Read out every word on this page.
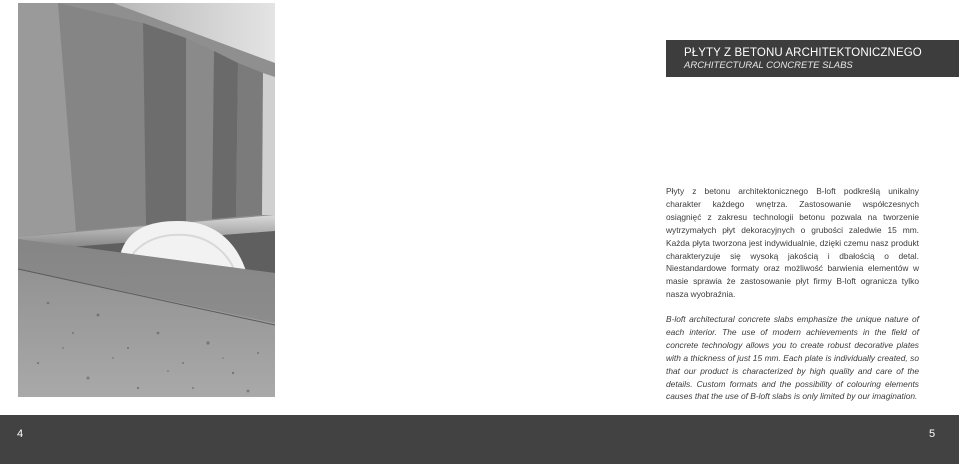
PŁYTY Z BETONU ARCHITEKTONICZNEGO
ARCHITECTURAL CONCRETE SLABS
Płyty z betonu architektonicznego B-loft podkreślą unikalny charakter każdego wnętrza. Zastosowanie współczesnych osiągnięć z zakresu technologii betonu pozwala na tworzenie wytrzymałych płyt dekoracyjnych o grubości zaledwie 15 mm. Każda płyta tworzona jest indywidualnie, dzięki czemu nasz produkt charakteryzuje się wysoką jakością i dbałością o detal. Niestandardowe formaty oraz możliwość barwienia elementów w masie sprawia że zastosowanie płyt firmy B-loft ogranicza tylko nasza wyobraźnia.
B-loft architectural concrete slabs emphasize the unique nature of each interior. The use of modern achievements in the field of concrete technology allows you to create robust decorative plates with a thickness of just 15 mm. Each plate is individually created, so that our product is characterized by high quality and care of the details. Custom formats and the possibility of colouring elements causes that the use of B-loft slabs is only limited by our imagination.
4	5
